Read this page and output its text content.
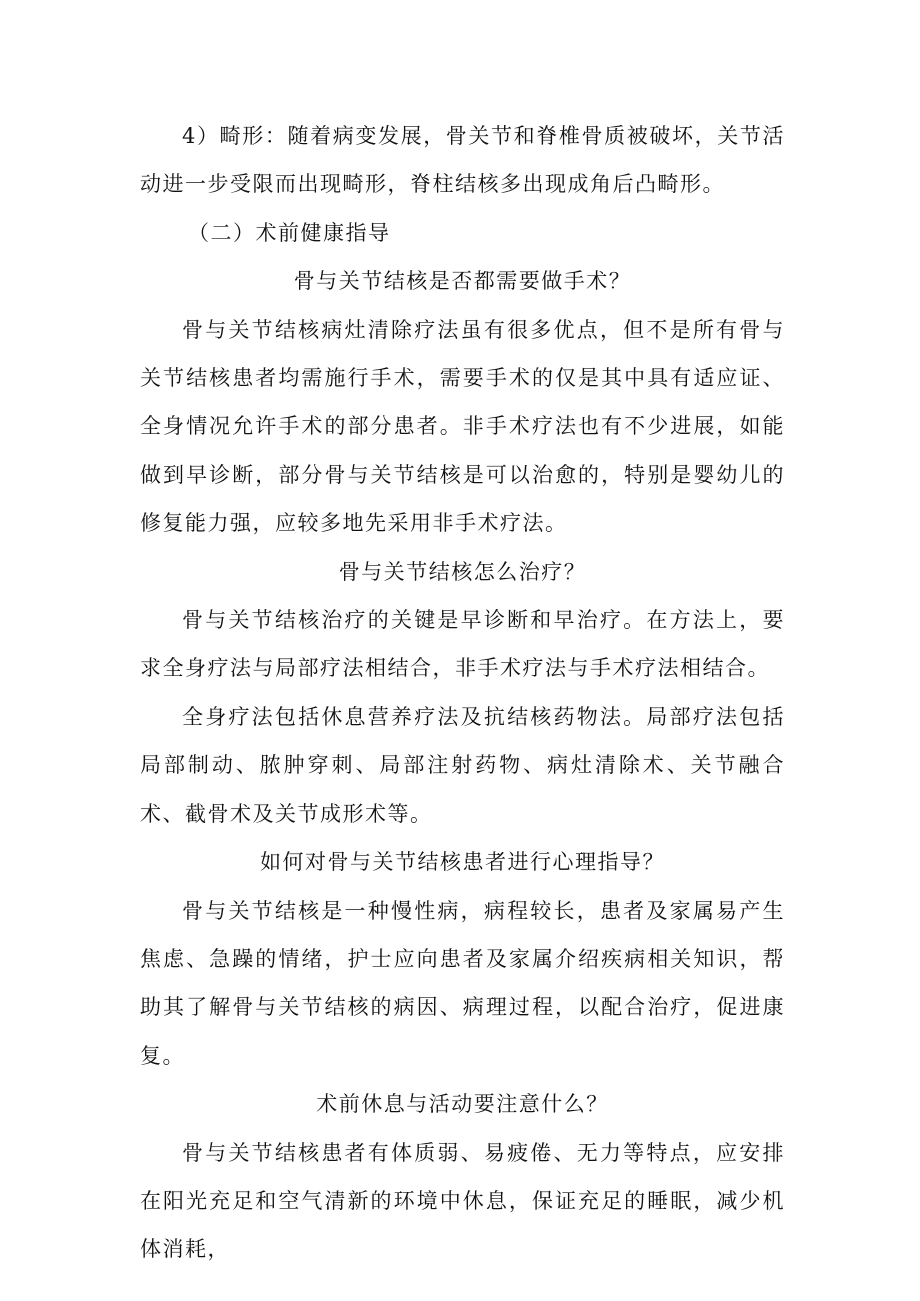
4）畸形：随着病变发展，骨关节和脊椎骨质被破坏，关节活动进一步受限而出现畸形，脊柱结核多出现成角后凸畸形。

（二）术前健康指导

骨与关节结核是否都需要做手术？

骨与关节结核病灶清除疗法虽有很多优点，但不是所有骨与关节结核患者均需施行手术，需要手术的仅是其中具有适应证、全身情况允许手术的部分患者。非手术疗法也有不少进展，如能做到早诊断，部分骨与关节结核是可以治愈的，特别是婴幼儿的修复能力强，应较多地先采用非手术疗法。

骨与关节结核怎么治疗？

骨与关节结核治疗的关键是早诊断和早治疗。在方法上，要求全身疗法与局部疗法相结合，非手术疗法与手术疗法相结合。

全身疗法包括休息营养疗法及抗结核药物法。局部疗法包括局部制动、脓肿穿刺、局部注射药物、病灶清除术、关节融合术、截骨术及关节成形术等。

如何对骨与关节结核患者进行心理指导？

骨与关节结核是一种慢性病，病程较长，患者及家属易产生焦虑、急躁的情绪，护士应向患者及家属介绍疾病相关知识，帮助其了解骨与关节结核的病因、病理过程，以配合治疗，促进康复。

术前休息与活动要注意什么？

骨与关节结核患者有体质弱、易疲倦、无力等特点，应安排在阳光充足和空气清新的环境中休息，保证充足的睡眠，减少机体消耗，
